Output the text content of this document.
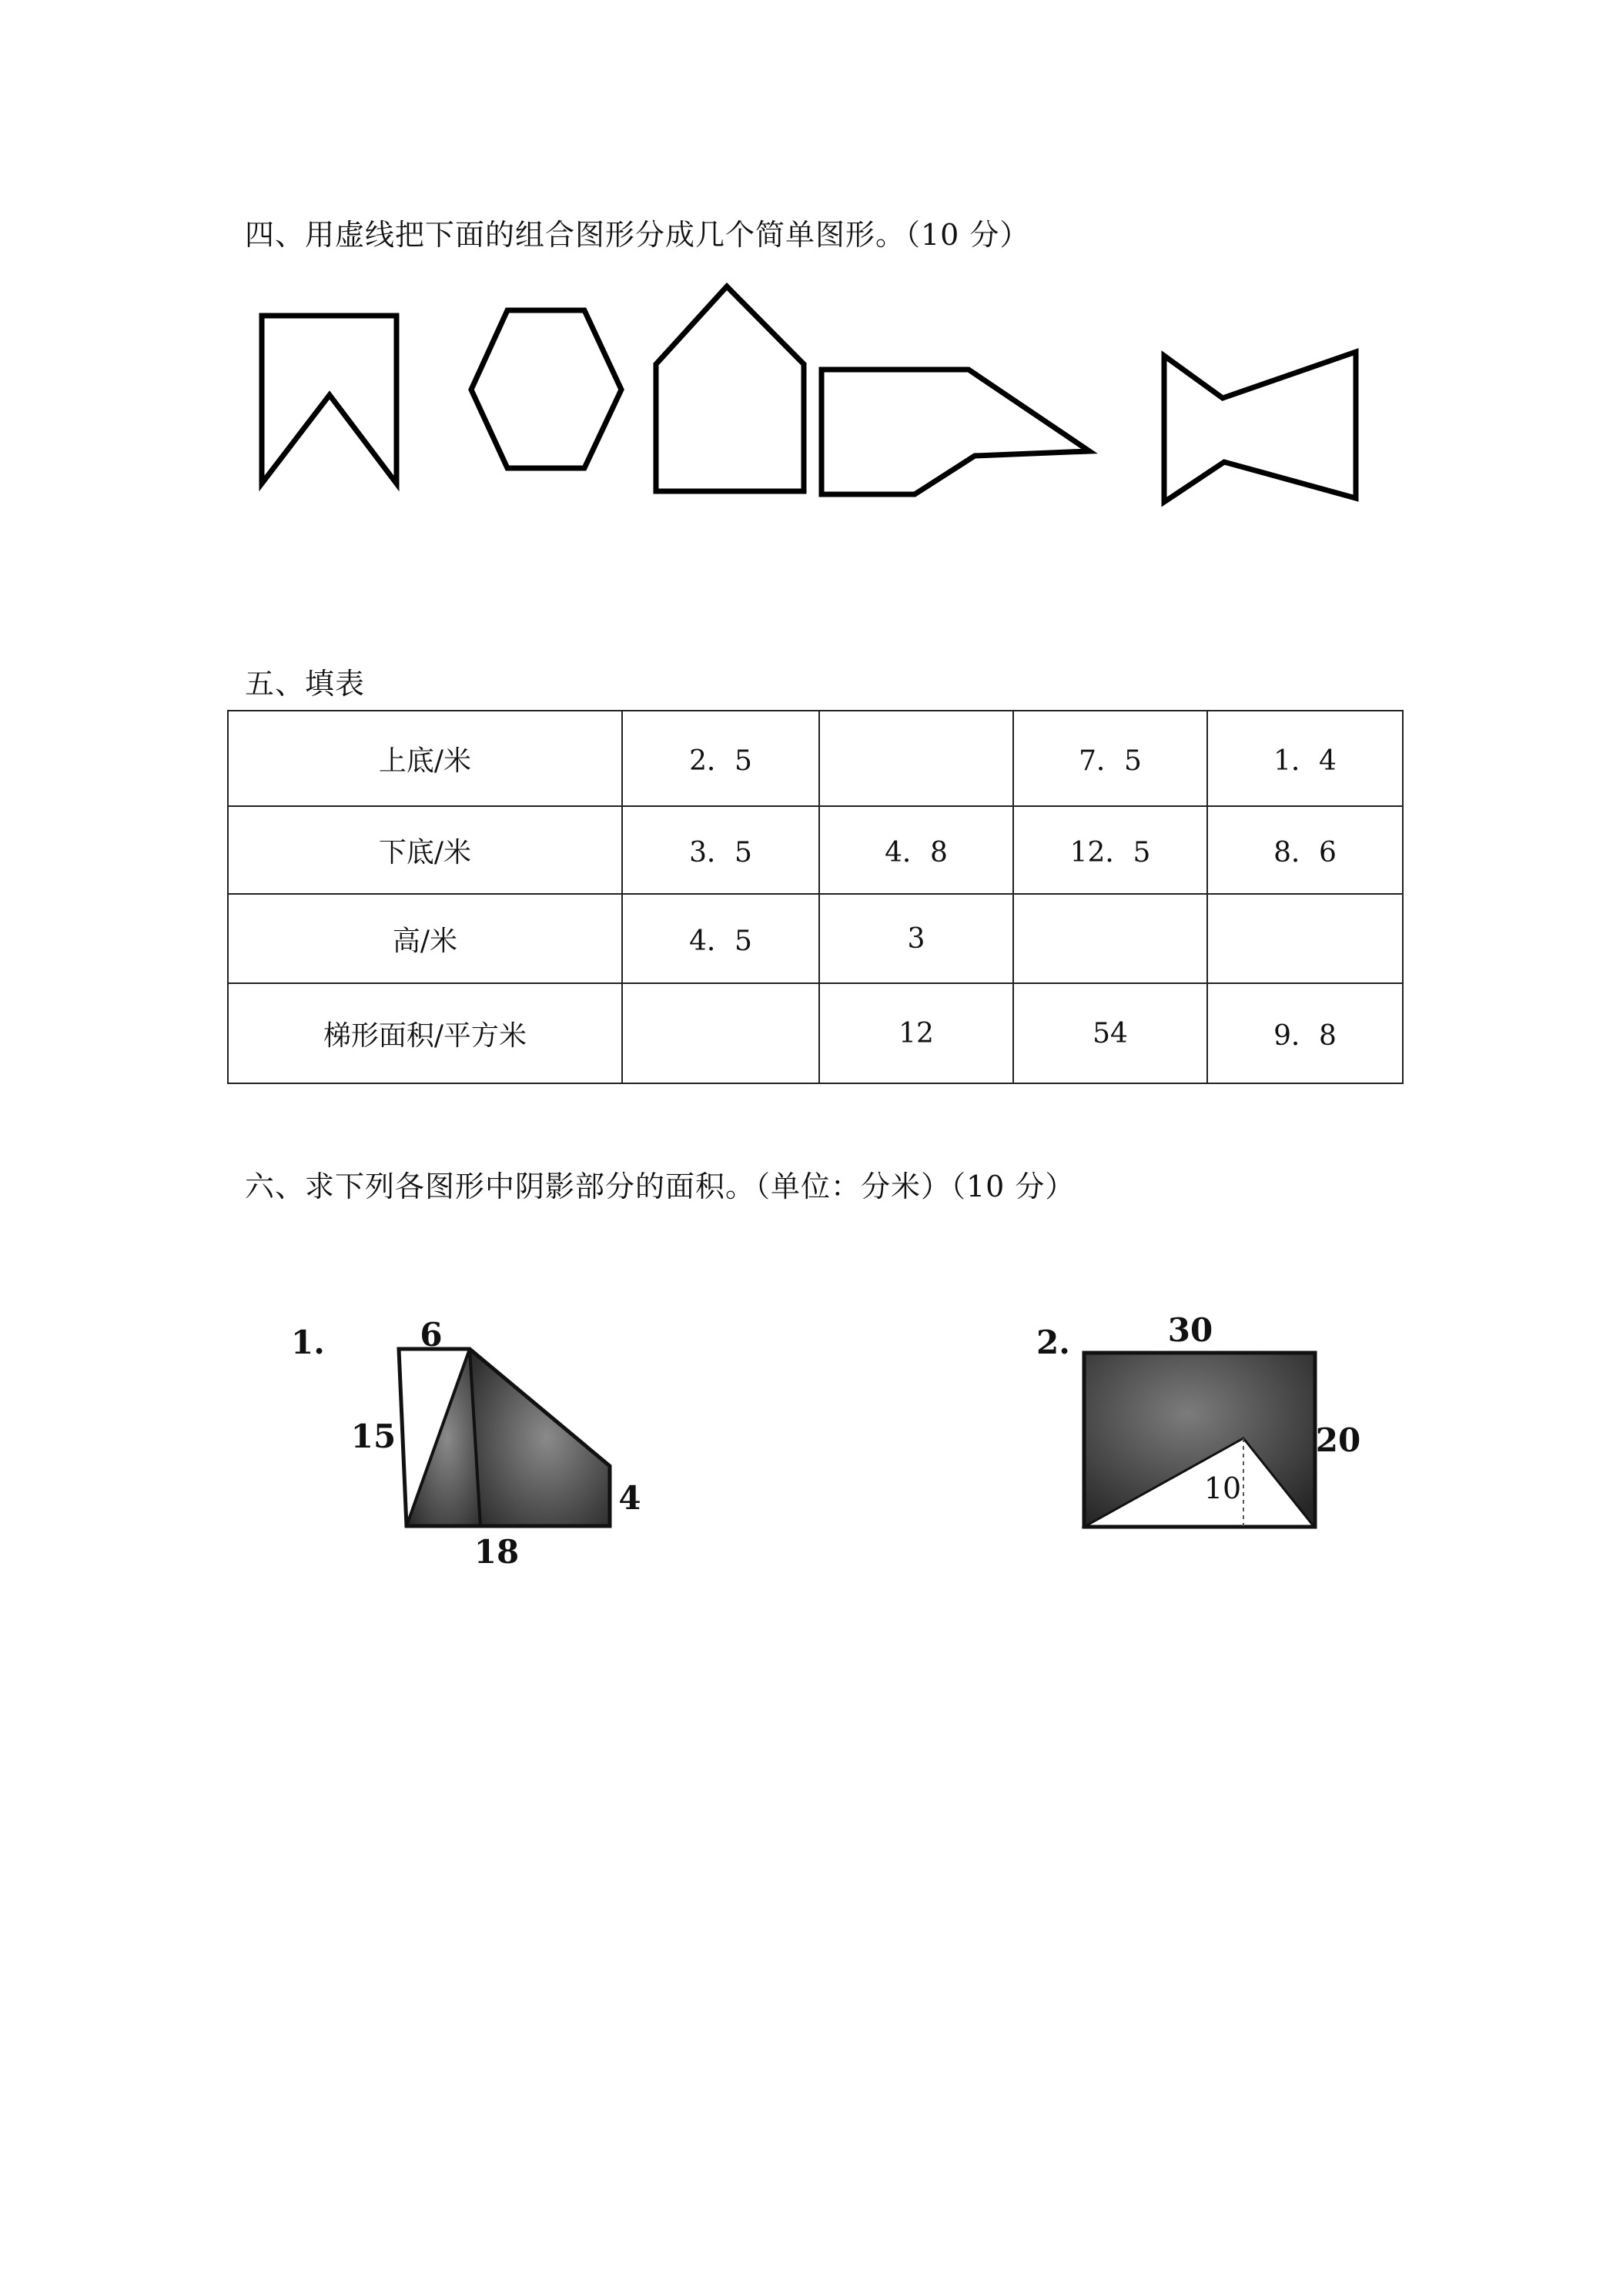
四、用虚线把下面的组合图形分成几个简单图形。（10 分）
五、填表
上底/米	2．5		7．5	1．4
下底/米	3．5	4．8	12．5	8．6
高/米	4．5	3		
梯形面积/平方米		12	54	9．8
六、求下列各图形中阴影部分的面积。（单位：分米）（10 分）
1.	6
15
18
4
2.	30
20
10
